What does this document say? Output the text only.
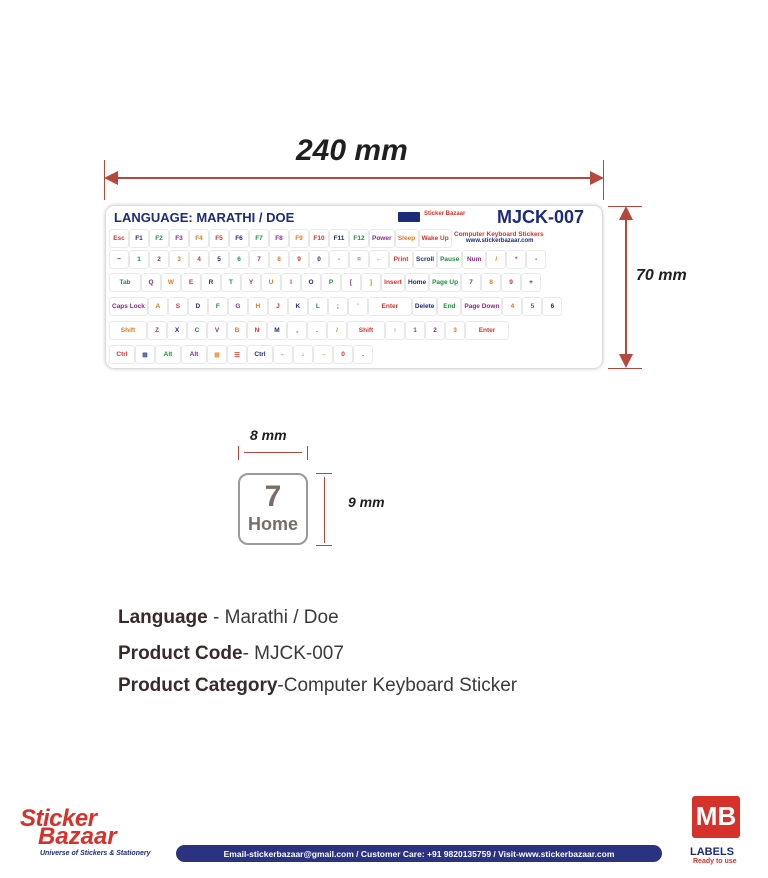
240 mm
70 mm
LANGUAGE: MARATHI / DOE	Sticker Bazaar MJCK-007
Computer Keyboard Stickers
www.stickerbazaar.com
Esc	F1	F2	F3	F4	F5	F6	F7	F8	F9	F10	F11	F12	Power Sleep Wake Up
~	1	2	3	4	5	6	7	8	9	0	-	=	←	Print	Scroll Pause	Num	/	*	-
Tab	Q	W	E	R	T	Y	U	I	O	P	[	]	Insert Home Page Up	7	8	9	+
Caps Lock	A	S	D	F	G	H	J	K	L	;	'	Enter	Delete	End	Page Down	4	5	6
Shift	Z	X	C	V	B	N	M	,	.	/	Shift	↑	1	2	3	Enter
Ctrl	⊞	Alt	Alt	⊞	☰	Ctrl	←	↓	→	0	.
8 mm
9 mm
7
Home
Language - Marathi / Doe
Product Code- MJCK-007
Product Category-Computer Keyboard Sticker
Sticker
Bazaar
Universe of Stickers & Stationery	Email-stickerbazaar@gmail.com / Customer Care: +91 9820135759 / Visit-www.stickerbazaar.com
MB
LABELS
Ready to use
